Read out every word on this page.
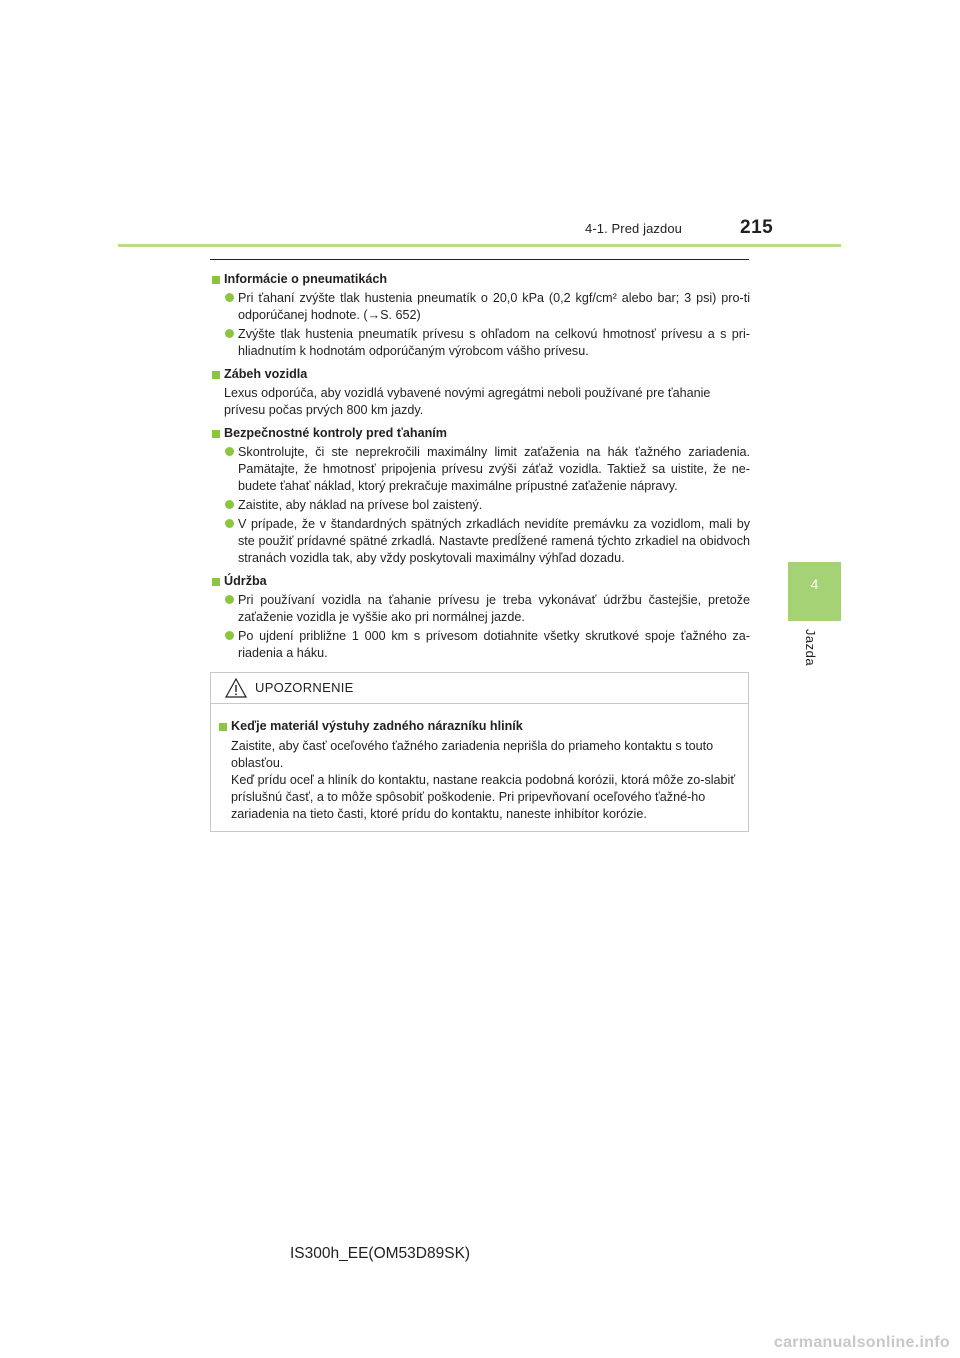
4-1. Pred jazdou	215
4
Jazda
Informácie o pneumatikách
Pri ťahaní zvýšte tlak hustenia pneumatík o 20,0 kPa (0,2 kgf/cm² alebo bar; 3 psi) pro-ti odporúčanej hodnote. (→S. 652)
Zvýšte tlak hustenia pneumatík prívesu s ohľadom na celkovú hmotnosť prívesu a s pri-hliadnutím k hodnotám odporúčaným výrobcom vášho prívesu.
Zábeh vozidla
Lexus odporúča, aby vozidlá vybavené novými agregátmi neboli používané pre ťahanie prívesu počas prvých 800 km jazdy.
Bezpečnostné kontroly pred ťahaním
Skontrolujte, či ste neprekročili maximálny limit zaťaženia na hák ťažného zariadenia. Pamätajte, že hmotnosť pripojenia prívesu zvýši záťaž vozidla. Taktiež sa uistite, že ne-budete ťahať náklad, ktorý prekračuje maximálne prípustné zaťaženie nápravy.
Zaistite, aby náklad na prívese bol zaistený.
V prípade, že v štandardných spätných zrkadlách nevidíte premávku za vozidlom, mali by ste použiť prídavné spätné zrkadlá. Nastavte predĺžené ramená týchto zrkadiel na obidvoch stranách vozidla tak, aby vždy poskytovali maximálny výhľad dozadu.
Údržba
Pri používaní vozidla na ťahanie prívesu je treba vykonávať údržbu častejšie, pretože zaťaženie vozidla je vyššie ako pri normálnej jazde.
Po ujdení približne 1 000 km s prívesom dotiahnite všetky skrutkové spoje ťažného za-riadenia a háku.
UPOZORNENIE
Keďje materiál výstuhy zadného nárazníku hliník
Zaistite, aby časť oceľového ťažného zariadenia neprišla do priameho kontaktu s touto oblasťou.
Keď prídu oceľ a hliník do kontaktu, nastane reakcia podobná korózii, ktorá môže zo-slabiť príslušnú časť, a to môže spôsobiť poškodenie. Pri pripevňovaní oceľového ťažné-ho zariadenia na tieto časti, ktoré prídu do kontaktu, naneste inhibítor korózie.
IS300h_EE(OM53D89SK)
carmanualsonline.info
